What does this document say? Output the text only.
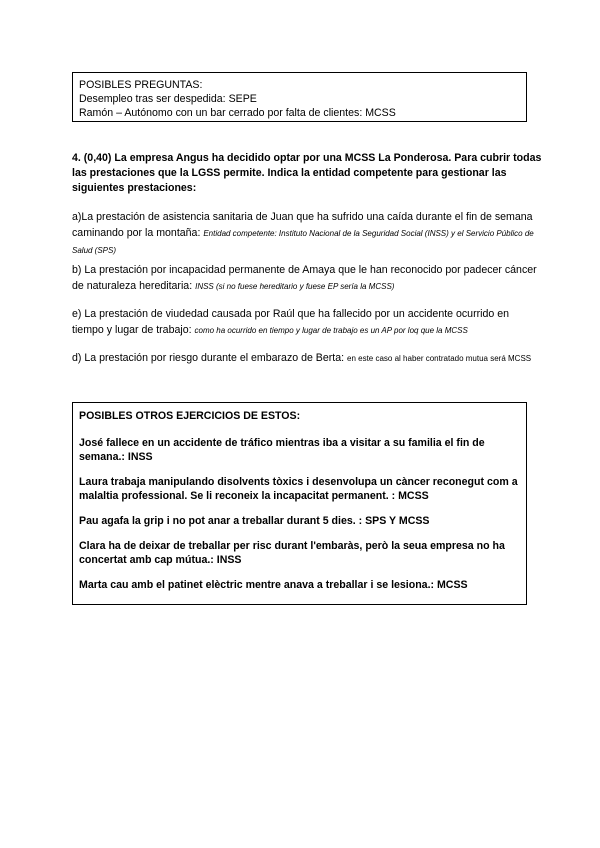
POSIBLES PREGUNTAS:
Desempleo tras ser despedida: SEPE
Ramón – Autónomo con un bar cerrado por falta de clientes: MCSS
4. (0,40) La empresa Angus ha decidido optar por una MCSS La Ponderosa. Para cubrir todas las prestaciones que la LGSS permite. Indica la entidad competente para gestionar las siguientes prestaciones:
a)La prestación de asistencia sanitaria de Juan que ha sufrido una caída durante el fin de semana caminando por la montaña: Entidad competente: Instituto Nacional de la Seguridad Social (INSS) y el Servicio Público de Salud (SPS)
b) La prestación por incapacidad permanente de Amaya que le han reconocido por padecer cáncer de naturaleza hereditaria: INSS (si no fuese hereditario y fuese EP sería la MCSS)
e) La prestación de viudedad causada por Raúl que ha fallecido por un accidente ocurrido en tiempo y lugar de trabajo: como ha ocurrido en tiempo y lugar de trabajo es un AP por loq que la MCSS
d) La prestación por riesgo durante el embarazo de Berta: en este caso al haber contratado mutua será MCSS
POSIBLES OTROS EJERCICIOS DE ESTOS:
José fallece en un accidente de tráfico mientras iba a visitar a su familia el fin de semana.: INSS
Laura trabaja manipulando disolvents tòxics i desenvolupa un càncer reconegut com a malaltia professional. Se li reconeix la incapacitat permanent. : MCSS
Pau agafa la grip i no pot anar a treballar durant 5 dies. : SPS Y MCSS
Clara ha de deixar de treballar per risc durant l'embaràs, però la seua empresa no ha concertat amb cap mútua.: INSS
Marta cau amb el patinet elèctric mentre anava a treballar i se lesiona.: MCSS
